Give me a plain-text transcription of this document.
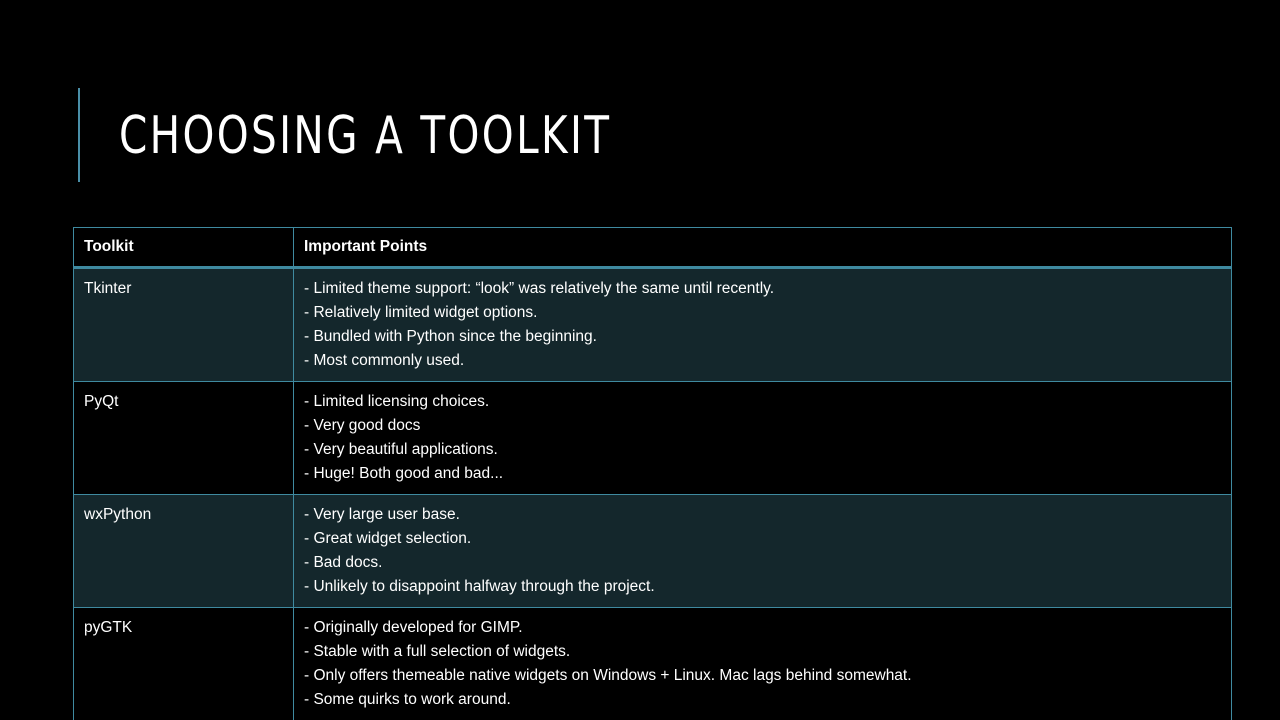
CHOOSING A TOOLKIT
Toolkit	Important Points
Tkinter	- Limited theme support: “look” was relatively the same until recently.
- Relatively limited widget options.
- Bundled with Python since the beginning.
- Most commonly used.

PyQt	- Limited licensing choices.
- Very good docs
- Very beautiful applications.
- Huge! Both good and bad...

wxPython	- Very large user base.
- Great widget selection.
- Bad docs.
- Unlikely to disappoint halfway through the project.

pyGTK	- Originally developed for GIMP.
- Stable with a full selection of widgets.
- Only offers themeable native widgets on Windows + Linux. Mac lags behind somewhat.
- Some quirks to work around.
